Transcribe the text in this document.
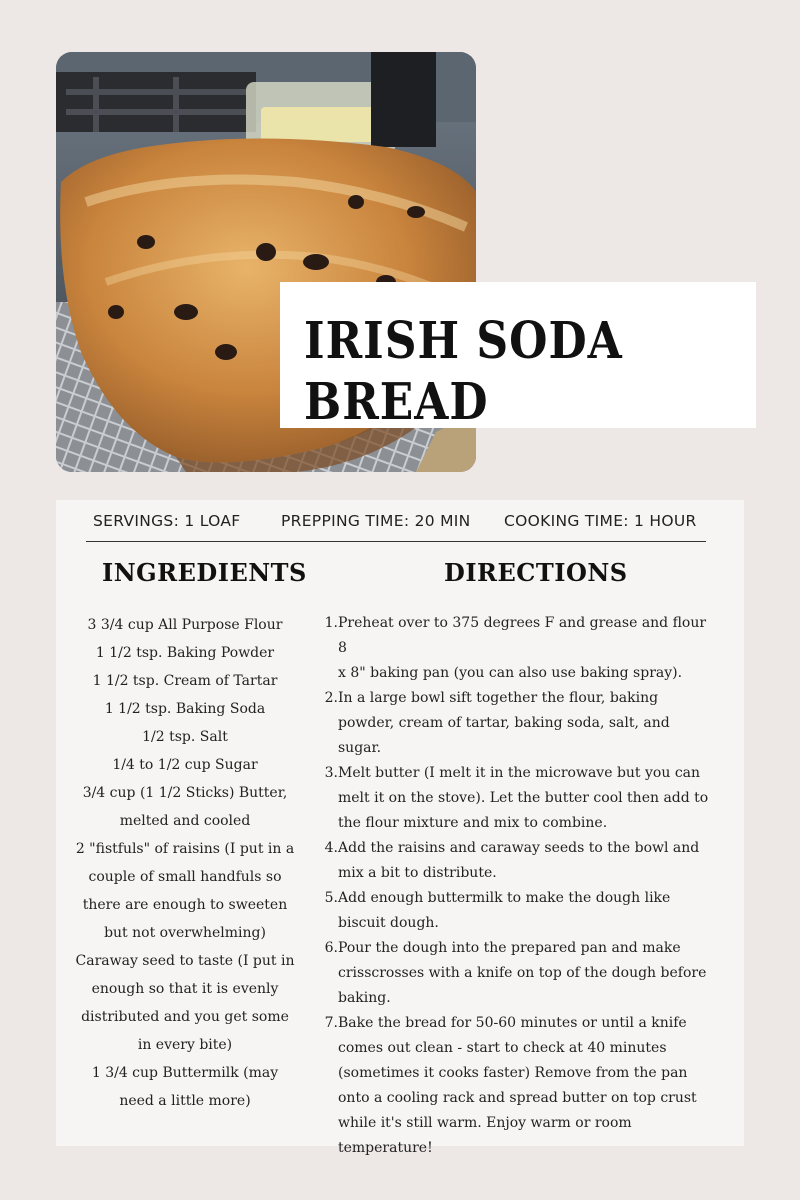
IRISH SODA BREAD
SERVINGS: 1 LOAF	PREPPING TIME: 20 MIN COOKING TIME: 1 HOUR
INGREDIENTS	DIRECTIONS
3 3/4 cup All Purpose Flour
1 1/2 tsp. Baking Powder
1 1/2 tsp. Cream of Tartar
1 1/2 tsp. Baking Soda
1/2 tsp. Salt
1/4 to 1/2 cup Sugar
3/4 cup (1 1/2 Sticks) Butter,
melted and cooled
2 "fistfuls" of raisins (I put in a
couple of small handfuls so
there are enough to sweeten
but not overwhelming)
Caraway seed to taste (I put in
enough so that it is evenly
distributed and you get some
in every bite)
1 3/4 cup Buttermilk (may
need a little more)
1. Preheat over to 375 degrees F and grease and flour 8
x 8" baking pan (you can also use baking spray).
2. In a large bowl sift together the flour, baking
powder, cream of tartar, baking soda, salt, and
sugar.
3. Melt butter (I melt it in the microwave but you can
melt it on the stove). Let the butter cool then add to
the flour mixture and mix to combine.
4. Add the raisins and caraway seeds to the bowl and
mix a bit to distribute.
5. Add enough buttermilk to make the dough like
biscuit dough.
6. Pour the dough into the prepared pan and make
crisscrosses with a knife on top of the dough before
baking.
7. Bake the bread for 50-60 minutes or until a knife
comes out clean - start to check at 40 minutes
(sometimes it cooks faster) Remove from the pan
onto a cooling rack and spread butter on top crust
while it's still warm. Enjoy warm or room
temperature!
